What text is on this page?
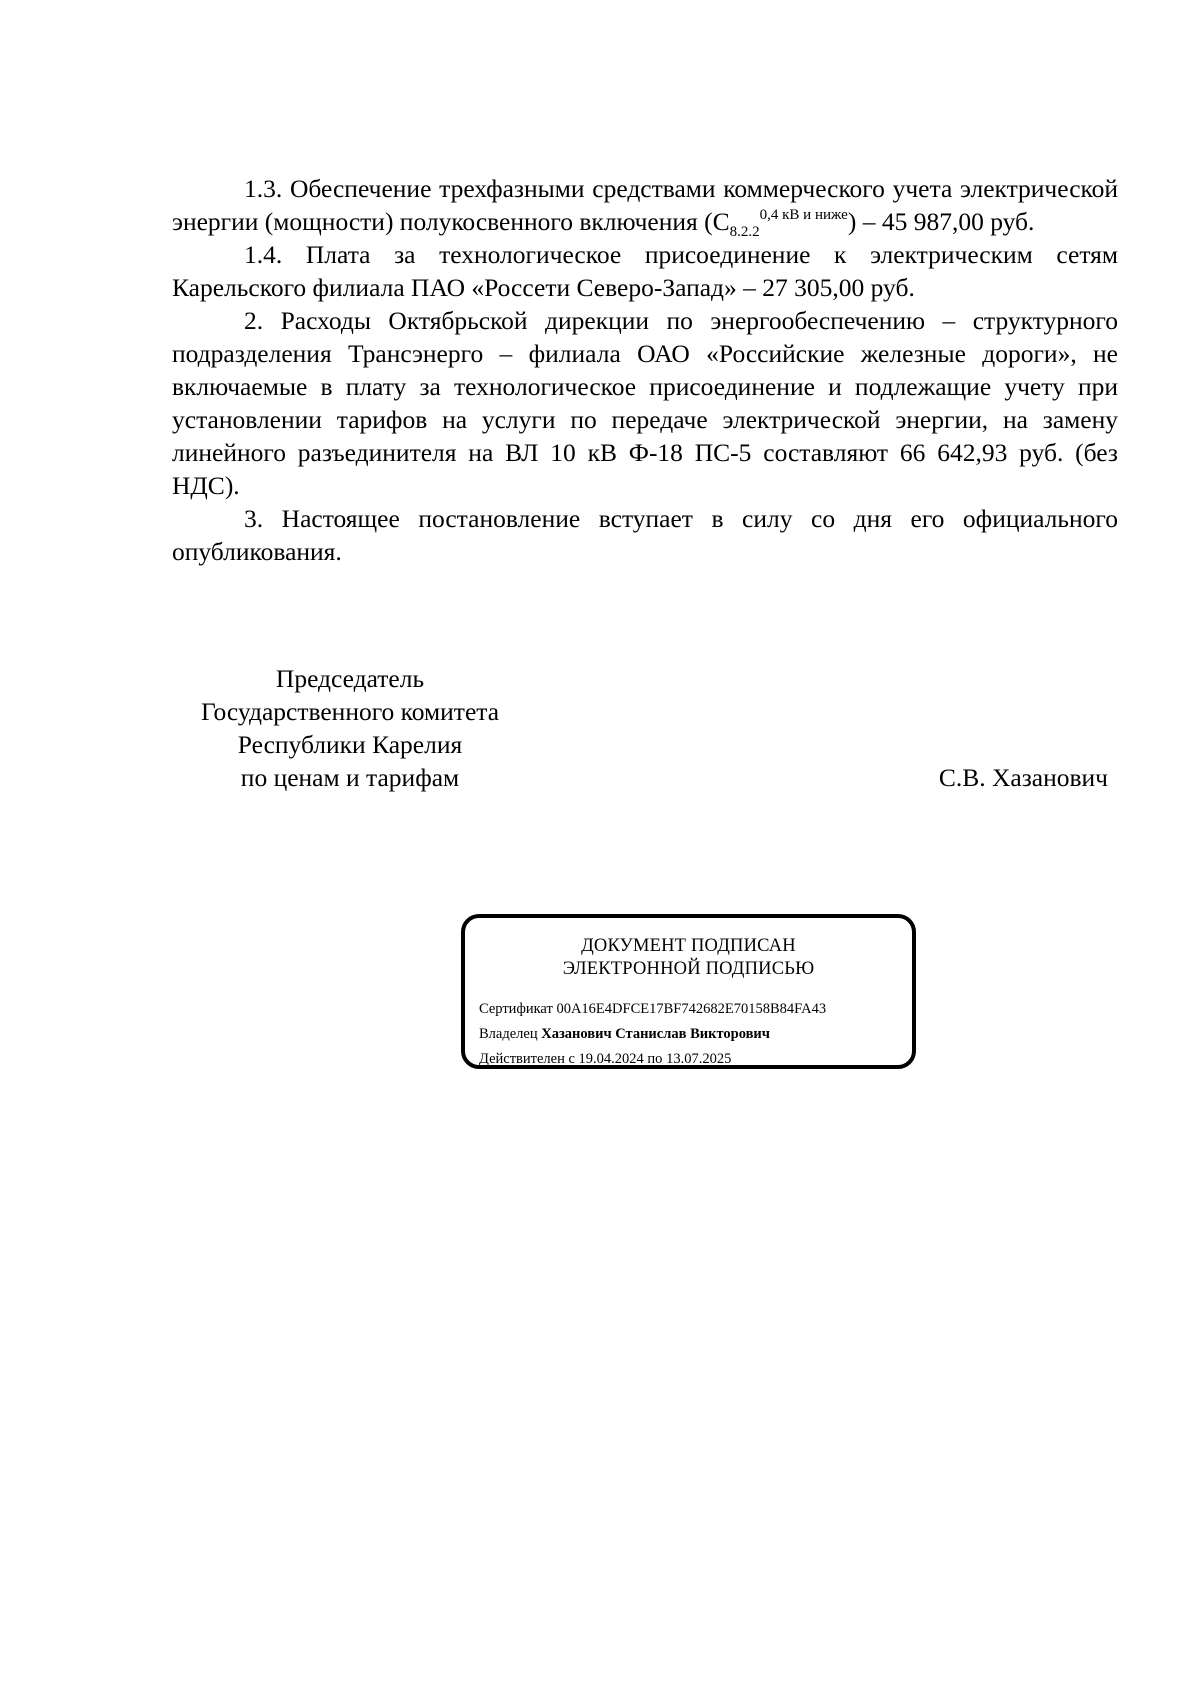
1.3. Обеспечение трехфазными средствами коммерческого учета электрической энергии (мощности) полукосвенного включения $(С_{8.2.2}^{0,4 кВ и ниже}) - 45$ 987,00 руб.

1.4. Плата за технологическое присоединение к электрическим сетям Карельского филиала ПАО «Россети Северо-Запад» – 27 305,00 руб.

2. Расходы Октябрьской дирекции по энергообеспечению – структурного подразделения Трансэнерго – филиала ОАО «Российские железные дороги», не включаемые в плату за технологическое присоединение и подлежащие учету при установлении тарифов на услуги по передаче электрической энергии, на замену линейного разъединителя на ВЛ 10 кВ Ф-18 ПС-5 составляют 66 642,93 руб. (без НДС).

3. Настоящее постановление вступает в силу со дня его официального опубликования.

Председатель
Государственного комитета
Республики Карелия
по ценам и тарифам	С.В. Хазанович
ДОКУМЕНТ ПОДПИСАН
ЭЛЕКТРОННОЙ ПОДПИСЬЮ
Сертификат 00A16E4DFCE17BF742682E70158B84FA43
Владелец Хазанович Станислав Викторович
Действителен с 19.04.2024 по 13.07.2025
